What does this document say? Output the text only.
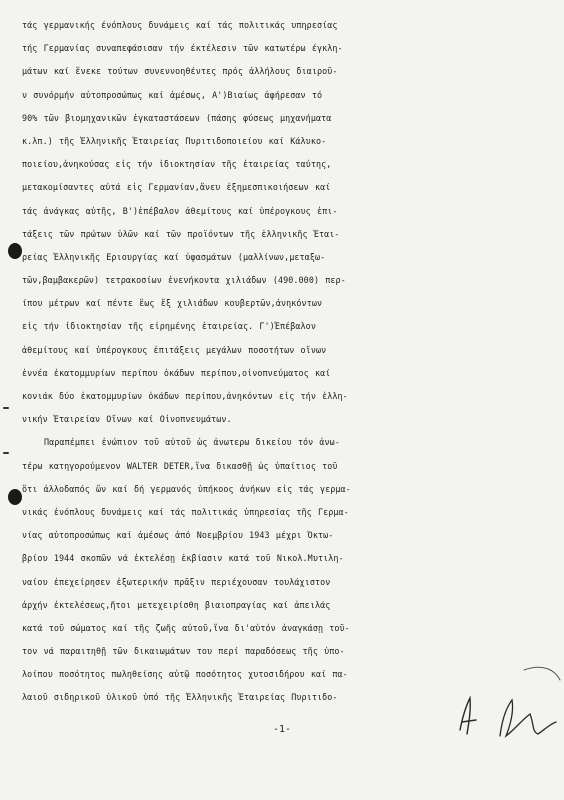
τάς γερμανικής ένόπλους δυνάμεις καί τάς πολιτικάς υπηρεσίας
τής Γερμανίας συναπεφάσισαν τήν έκτέλεσιν τῶν κατωτέρω έγκλη-
μάτων καί ἕνεκε τούτων συνεννοηθέντες πρός ἀλλήλους διαιροῦ-
ν συνόρμήν αὐτοπροσώπως καί ἀμέσως, Α')Βιαίως ἀφήρεσαν τό
90% τῶν βιομηχανικῶν ἐγκαταστάσεων (πάσης φύσεως μηχανήματα
κ.λπ.) τῆς Ἑλληνικῆς Ἑταιρείας Πυριτιδοποιείου καί Κάλυκο-
ποιείου,ἀνηκούσας εἰς τήν ἰδιοκτησίαν τῆς ἑταιρείας ταύτης,
μετακομίσαντες αὐτά εἰς Γερμανίαν,ἄνευ ἐξημεσπικοιήσεων καί
τάς ἀνάγκας αὐτῆς, Β')ἐπέβαλον ἀθεμίτους καί ὑπέρογκους ἐπι-
τάξεις τῶν πρώτων ὑλῶν καί τῶν προϊόντων τῆς ἑλληνικῆς Ἑται-
ρείας Ἑλληνικῆς Εριουργίας καί ὑφασμάτων (μαλλίνων,μεταξω-
τῶν,βαμβακερῶν) τετρακοσίων ἐνενήκοντα χιλιάδων (490.000) περ-
ίπου μέτρων καί πέντε ἕως ἕξ χιλιάδων κουβερτῶν,ἀνηκόντων
εἰς τήν ἰδιοκτησίαν τῆς εἰρημένης ἑταιρείας. Γ')Ἐπέβαλον
ἀθεμίτους καί ὑπέρογκους ἐπιτάξεις μεγάλων ποσοτήτων οἴνων
ἐννέα ἑκατομμυρίων περίπου ὀκάδων περίπου,οἰνοπνεύματος καί
κονιάκ δύο ἑκατομμυρίων ὀκάδων περίπου,ἀνηκόντων εἰς τήν ἑλλη-
νικήν Ἑταιρείαν Οἴνων καί Οἰνοπνευμάτων.
Παραπέμπει ἐνώπιον τοῦ αὐτοῦ ὡς ἀνωτερω δικείου τόν ἀνω-
τέρω κατηγορούμενον WALTER DETER,ἵνα δικασθῇ ὡς ὑπαίτιος τοῦ
ὅτι ἀλλοδαπός ὤν καί δή γερμανός ὑπήκοος ἀνήκων εἰς τάς γερμα-
νικάς ἐνόπλους δυνάμεις καί τάς πολιτικάς ὑπηρεσίας τῆς Γερμα-
νίας αὐτοπροσώπως καί ἀμέσως ἀπό Νοεμβρίου 1943 μέχρι Ὀκτω-
βρίου 1944 σκοπῶν νά ἐκτελέσῃ ἐκβίασιν κατά τοῦ Νικολ.Μυτιλη-
ναίου ἐπεχείρησεν ἐξωτερικήν πρᾶξιν περιέχουσαν τουλάχιστον
ἀρχήν ἐκτελέσεως,ἤτοι μετεχειρίσθη βιαιοπραγίας καί ἀπειλάς
κατά τοῦ σώματος καί τῆς ζωῆς αὐτοῦ,ἵνα δι'αὐτόν ἀναγκάσῃ τοῦ-
τον νά παραιτηθῇ τῶν δικαιωμάτων του περί παραδόσεως τῆς ὑπο-
λοίπου ποσότητος πωληθείσης αὐτῷ ποσότητος χυτοσιδήρου καί πα-
λαιοῦ σιδηρικοῦ ὑλικοῦ ὑπό τῆς Ἑλληνικῆς Ἑταιρείας Πυριτιδο-
-1-
